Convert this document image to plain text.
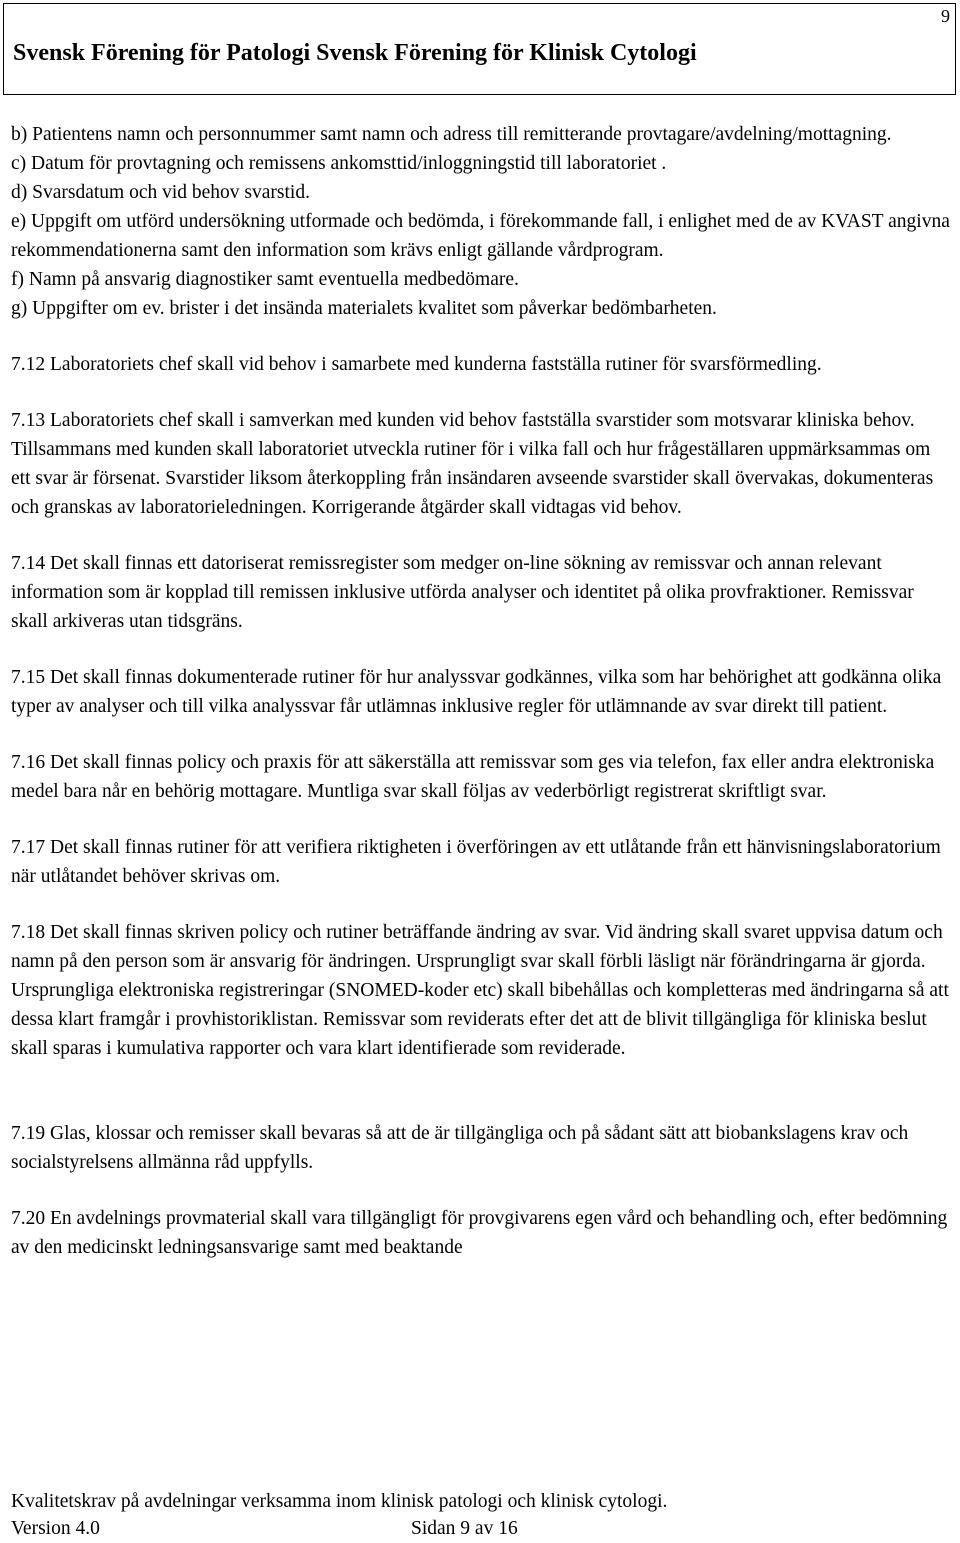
9
Svensk Förening för Patologi Svensk Förening för Klinisk Cytologi

b) Patientens namn och personnummer samt namn och adress till remitterande provtagare/avdelning/mottagning.

c) Datum för provtagning och remissens ankomsttid/inloggningstid till laboratoriet .

d) Svarsdatum och vid behov svarstid.

e) Uppgift om utförd undersökning utformade och bedömda, i förekommande fall, i enlighet med de av KVAST angivna rekommendationerna samt den information som krävs enligt gällande vårdprogram.

f) Namn på ansvarig diagnostiker samt eventuella medbedömare.

g) Uppgifter om ev. brister i det insända materialets kvalitet som påverkar bedömbarheten.

7.12 Laboratoriets chef skall vid behov i samarbete med kunderna fastställa rutiner för svarsförmedling.

7.13 Laboratoriets chef skall i samverkan med kunden vid behov fastställa svarstider som motsvarar kliniska behov. Tillsammans med kunden skall laboratoriet utveckla rutiner för i vilka fall och hur frågeställaren uppmärksammas om ett svar är försenat. Svarstider liksom återkoppling från insändaren avseende svarstider skall övervakas, dokumenteras och granskas av laboratorieledningen. Korrigerande åtgärder skall vidtagas vid behov.

7.14 Det skall finnas ett datoriserat remissregister som medger on-line sökning av remissvar och annan relevant information som är kopplad till remissen inklusive utförda analyser och identitet på olika provfraktioner. Remissvar skall arkiveras utan tidsgräns.

7.15 Det skall finnas dokumenterade rutiner för hur analyssvar godkännes, vilka som har behörighet att godkänna olika typer av analyser och till vilka analyssvar får utlämnas inklusive regler för utlämnande av svar direkt till patient.

7.16 Det skall finnas policy och praxis för att säkerställa att remissvar som ges via telefon, fax eller andra elektroniska medel bara når en behörig mottagare. Muntliga svar skall följas av vederbörligt registrerat skriftligt svar.

7.17 Det skall finnas rutiner för att verifiera riktigheten i överföringen av ett utlåtande från ett hänvisningslaboratorium när utlåtandet behöver skrivas om.

7.18 Det skall finnas skriven policy och rutiner beträffande ändring av svar. Vid ändring skall svaret uppvisa datum och namn på den person som är ansvarig för ändringen. Ursprungligt svar skall förbli läsligt när förändringarna är gjorda. Ursprungliga elektroniska registreringar (SNOMED-koder etc) skall bibehållas och kompletteras med ändringarna så att dessa klart framgår i provhistoriklistan. Remissvar som reviderats efter det att de blivit tillgängliga för kliniska beslut skall sparas i kumulativa rapporter och vara klart identifierade som reviderade.

7.19 Glas, klossar och remisser skall bevaras så att de är tillgängliga och på sådant sätt att biobankslagens krav och socialstyrelsens allmänna råd uppfylls.

7.20 En avdelnings provmaterial skall vara tillgängligt för provgivarens egen vård och behandling och, efter bedömning av den medicinskt ledningsansvarige samt med beaktande

Kvalitetskrav på avdelningar verksamma inom klinisk patologi och klinisk cytologi.
Version 4.0	Sidan 9 av 16
